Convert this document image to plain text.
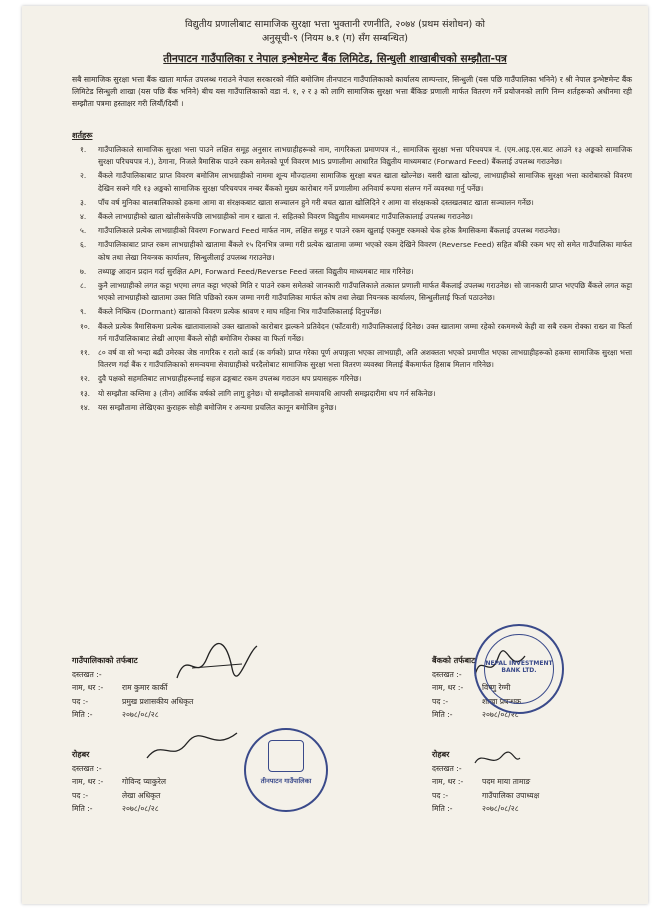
विद्युतीय प्रणालीबाट सामाजिक सुरक्षा भत्ता भुक्तानी रणनीति, २०७४ (प्रथम संशोधन) को
अनुसूची-९ (नियम ७.१ (ग) सँग सम्बन्धित)
तीनपाटन गाउँपालिका र नेपाल इन्भेष्टमेन्ट बैंक लिमिटेड, सिन्धुली शाखाबीचको सम्झौता-पत्र
सबै सामाजिक सुरक्षा भत्ता बैंक खाता मार्फत उपलब्ध गराउने नेपाल सरकारको नीति बमोजिम तीनपाटन गाउँपालिकाको कार्यालय लाम्पन्तार, सिन्धुली (यस पछि गाउँपालिका भनिने) र श्री नेपाल इन्भेष्टमेन्ट बैंक लिमिटेड सिन्धुली शाखा (यस पछि बैंक भनिने) बीच यस गाउँपालिकाको वडा नं. १, २ र ३ को लागि सामाजिक सुरक्षा भत्ता बैंकिङ प्रणाली मार्फत वितरण गर्ने प्रयोजनको लागि निम्न शर्तहरूको अधीनमा रही सम्झौता पत्रमा हस्ताक्षर गरी लियौं/दियौं ।
शर्तहरू
१. गाउँपालिकाले सामाजिक सुरक्षा भत्ता पाउने लक्षित समूह अनुसार लाभग्राहीहरूको नाम, नागरिकता प्रमाणपत्र नं., सामाजिक सुरक्षा भत्ता परिचयपत्र नं. (एम.आइ.एस.बाट आउने १३ अङ्कको सामाजिक सुरक्षा परिचयपत्र नं.), ठेगाना, निजले त्रैमासिक पाउने रकम समेतको पूर्ण विवरण MIS प्रणालीमा आधारित विद्युतीय माध्यमबाट (Forward Feed) बैंकलाई उपलब्ध गराउनेछ।
२. बैंकले गाउँपालिकाबाट प्राप्त विवरण बमोजिम लाभग्राहीको नाममा शून्य मौज्दातमा सामाजिक सुरक्षा बचत खाता खोल्नेछ। यसरी खाता खोल्दा, लाभग्राहीको सामाजिक सुरक्षा भत्ता कारोबारको विवरण देखिन सक्ने गरि १३ अङ्कको सामाजिक सुरक्षा परिचयपत्र नम्बर बैंकको मुख्य कारोबार गर्ने प्रणालीमा अनिवार्य रूपमा संलग्न गर्ने व्यवस्था गर्नु पर्नेछ।
३. पाँच वर्ष मुनिका बालबालिकाको हकमा आमा वा संरक्षकबाट खाता सञ्चालन हुने गरी बचत खाता खोलिदिने र आमा वा संरक्षकको दस्तखतबाट खाता सञ्चालन गर्नेछ।
४. बैंकले लाभग्राहीको खाता खोलीसकेपछि लाभग्राहीको नाम र खाता नं. सहितको विवरण विद्युतीय माध्यमबाट गाउँपालिकालाई उपलब्ध गराउनेछ।
५. गाउँपालिकाले प्रत्येक लाभग्राहीको विवरण Forward Feed मार्फत नाम, लक्षित समूह र पाउने रकम खुलाई एकमुष्ट रकमको चेक हरेक त्रैमासिकमा बैंकलाई उपलब्ध गराउनेछ।
६. गाउँपालिकाबाट प्राप्त रकम लाभग्राहीको खातामा बैंकले १५ दिनभित्र जम्मा गरी प्रत्येक खातामा जम्मा भएको रकम देखिने विवरण (Reverse Feed) सहित बाँकी रकम भए सो समेत गाउँपालिका मार्फत कोष तथा लेखा नियन्त्रक कार्यालय, सिन्धुलीलाई उपलब्ध गराउनेछ।
७. तथ्याङ्क आदान प्रदान गर्दा सुरक्षित API, Forward Feed/Reverse Feed जस्ता विद्युतीय माध्यमबाट मात्र गरिनेछ।
८. कुनै लाभग्राहीको लगत कट्टा भएमा लगत कट्टा भएको मिति र पाउने रकम समेतको जानकारी गाउँपालिकाले तत्काल प्रणाली मार्फत बैंकलाई उपलब्ध गराउनेछ। सो जानकारी प्राप्त भएपछि बैंकले लगत कट्टा भएको लाभग्राहीको खातामा उक्त मिति पछिको रकम जम्मा नगरी गाउँपालिका मार्फत कोष तथा लेखा नियन्त्रक कार्यालय, सिन्धुलीलाई फिर्ता पठाउनेछ।
९. बैंकले निष्क्रिय (Dormant) खाताको विवरण प्रत्येक श्रावण र माघ महिना भित्र गाउँपालिकालाई दिनुपर्नेछ।
१०. बैंकले प्रत्येक त्रैमासिकमा प्रत्येक खातावालाको उक्त खाताको कारोबार झल्कने प्रतिवेदन (फाँटवारी) गाउँपालिकालाई दिनेछ। उक्त खातामा जम्मा रहेको रकममध्ये केही वा सबै रकम रोक्का राख्न वा फिर्ता गर्न गाउँपालिकाबाट लेखी आएमा बैंकले सोही बमोजिम रोक्का वा फिर्ता गर्नेछ।
११. ८० वर्ष वा सो भन्दा बढी उमेरका जेष्ठ नागरिक र रातो कार्ड (क वर्गको) प्राप्त गरेका पूर्ण अपाङ्गता भएका लाभग्राही, अति अशक्तता भएको प्रमाणीत भएका लाभग्राहीहरूको हकमा सामाजिक सुरक्षा भत्ता वितरण गर्दा बैंक र गाउँपालिकाको समन्वयमा सेवाग्राहीको घरदैलोबाट सामाजिक सुरक्षा भत्ता वितरण व्यवस्था मिलाई बैंकमार्फत हिसाब मिलान गरिनेछ।
१२. दुवै पक्षको सहमतिबाट लाभग्राहीहरूलाई सहज ढङ्गबाट रकम उपलब्ध गराउन थप प्रयासहरू गरिनेछ।
१३. यो सम्झौता कम्तिमा ३ (तीन) आर्थिक वर्षको लागि लागु हुनेछ। यो सम्झौताको समयावधि आपसी समझदारीमा थप गर्न सकिनेछ।
१४. यस सम्झौतामा लेखिएका कुराहरू सोही बमोजिम र अन्यमा प्रचलित कानून बमोजिम हुनेछ।
गाउँपालिकाको तर्फबाट
दस्तखत :-
नाम, थर :-	राम कुमार कार्की
पद :-	प्रमुख प्रशासकीय अधिकृत
मिति :-	२०७८/०८/२८
बैंकको तर्फबाट
दस्तखत :-
नाम, थर :-	विष्णु रेग्मी
पद :-	शाखा प्रबन्धक
मिति :-	२०७८/०८/२८
रोहबर
दस्तखत :-
नाम, थर :-	गोविन्द प्याकुरेल
पद :-	लेखा अधिकृत
मिति :-	२०७८/०८/२८
रोहबर
दस्तखत :-
नाम, थर :-	पदम माया तामाङ
पद :-	गाउँपालिका उपाध्यक्ष
मिति :-	२०७८/०८/२८
NEPAL INVESTMENT BANK LTD.
तीनपाटन गाउँपालिका
